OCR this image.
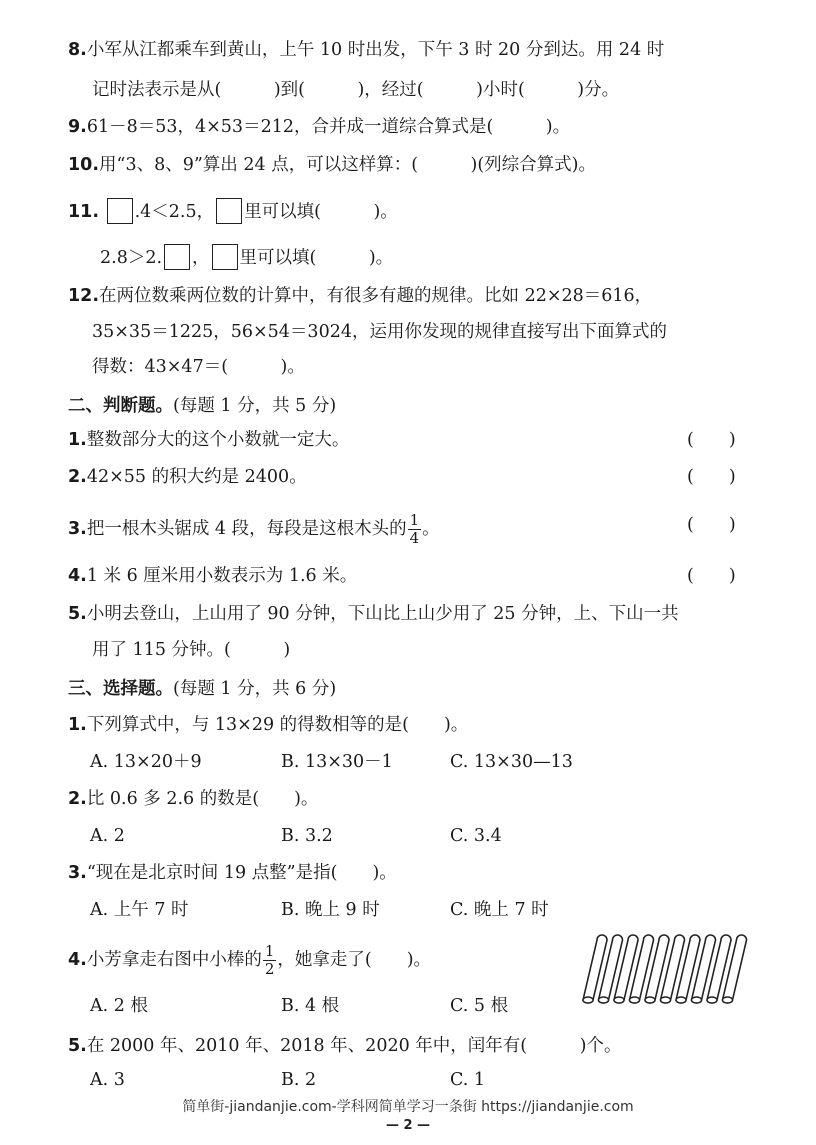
8.小军从江都乘车到黄山，上午 10 时出发，下午 3 时 20 分到达。用 24 时
记时法表示是从(　　　)到(　　　)，经过(　　　)小时(　　　)分。
9.61－8＝53，4×53＝212，合并成一道综合算式是(　　　)。
10.用“3、8、9”算出 24 点，可以这样算：(　　　)(列综合算式)。
11. .4＜2.5， 里可以填(　　　)。
2.8＞2. ， 里可以填(　　　)。
12.在两位数乘两位数的计算中，有很多有趣的规律。比如 22×28＝616，
35×35＝1225，56×54＝3024，运用你发现的规律直接写出下面算式的
得数：43×47＝(　　　)。
二、判断题。(每题 1 分，共 5 分)
1.整数部分大的这个小数就一定大。	(　　)
2.42×55 的积大约是 2400。	(　　)
3.把一根木头锯成 4 段，每段是这根木头的 $\frac{1}{4}$ 。	(　　)
4.1 米 6 厘米用小数表示为 1.6 米。	(　　)
5.小明去登山，上山用了 90 分钟，下山比上山少用了 25 分钟，上、下山一共
用了 115 分钟。(　　　)
三、选择题。(每题 1 分，共 6 分)
1.下列算式中，与 13×29 的得数相等的是(　　)。
A. 13×20＋9	B. 13×30－1	C. 13×30—13
2.比 0.6 多 2.6 的数是(　　)。
A. 2	B. 3.2	C. 3.4
3.“现在是北京时间 19 点整”是指(　　)。
A. 上午 7 时	B. 晚上 9 时	C. 晚上 7 时
4.小芳拿走右图中小棒的 $\frac{1}{2}$ ，她拿走了(　　)。
A. 2 根	B. 4 根	C. 5 根
5.在 2000 年、2010 年、2018 年、2020 年中，闰年有(　　　)个。
A. 3	B. 2	C. 1
简单街-jiandanjie.com-学科网简单学习一条街 https://jiandanjie.com
— 2 —
